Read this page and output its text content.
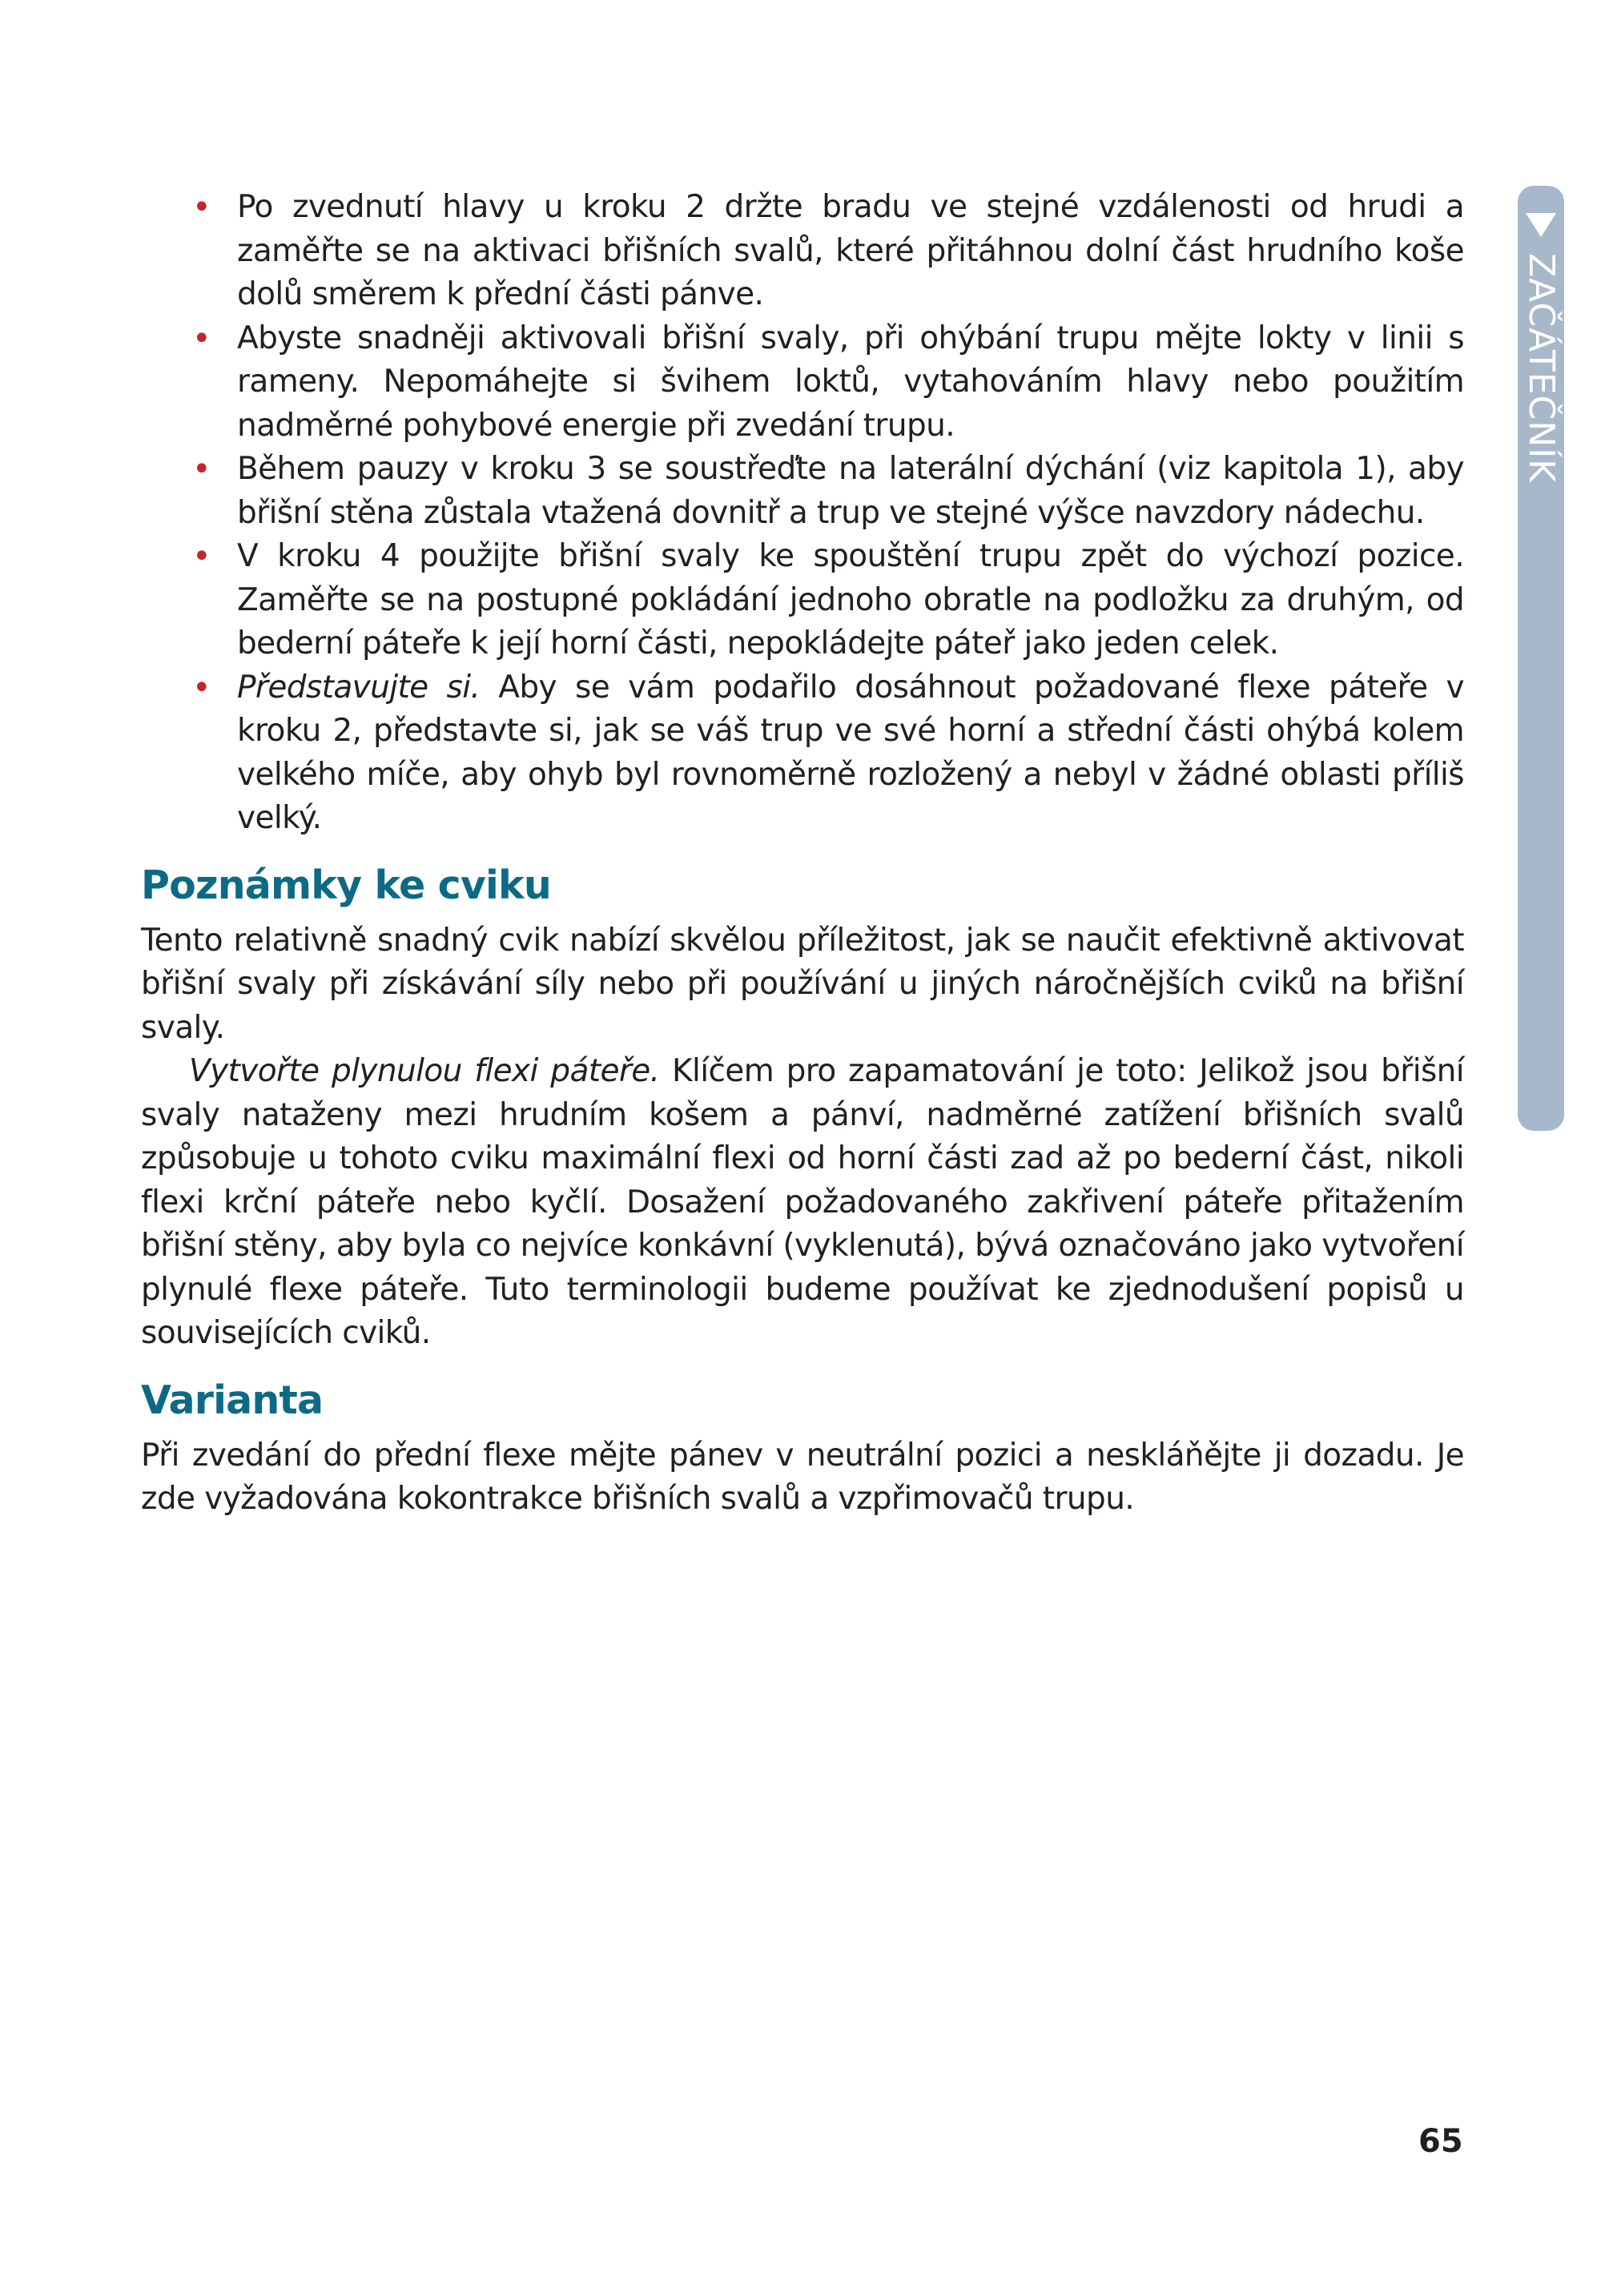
• Po zvednutí hlavy u kroku 2 držte bradu ve stejné vzdálenosti od hrudi a zaměřte se na aktivaci břišních svalů, které přitáhnou dolní část hrudního koše dolů směrem k přední části pánve.
• Abyste snadněji aktivovali břišní svaly, při ohýbání trupu mějte lokty v linii s rameny. Nepomáhejte si švihem loktů, vytahováním hlavy nebo použitím nadměrné pohybové energie při zvedání trupu.
• Během pauzy v kroku 3 se soustřeďte na laterální dýchání (viz kapitola 1), aby břišní stěna zůstala vtažená dovnitř a trup ve stejné výšce navzdory nádechu.
• V kroku 4 použijte břišní svaly ke spouštění trupu zpět do výchozí pozice. Zaměřte se na postupné pokládání jednoho obratle na podložku za druhým, od bederní páteře k její horní části, nepokládejte páteř jako jeden celek.
• Představujte si. Aby se vám podařilo dosáhnout požadované flexe páteře v kroku 2, představte si, jak se váš trup ve své horní a střední části ohýbá kolem velkého míče, aby ohyb byl rovnoměrně rozložený a nebyl v žádné oblasti příliš velký.
Poznámky ke cviku

Tento relativně snadný cvik nabízí skvělou příležitost, jak se naučit efektivně aktivovat břišní svaly při získávání síly nebo při používání u jiných náročnějších cviků na břišní svaly.

Vytvořte plynulou flexi páteře. Klíčem pro zapamatování je toto: Jelikož jsou břišní svaly nataženy mezi hrudním košem a pánví, nadměrné zatížení břišních svalů způsobuje u tohoto cviku maximální flexi od horní části zad až po bederní část, nikoli flexi krční páteře nebo kyčlí. Dosažení požadovaného zakřivení páteře přitažením břišní stěny, aby byla co nejvíce konkávní (vyklenutá), bývá označováno jako vytvoření plynulé flexe páteře. Tuto terminologii budeme používat ke zjednodušení popisů u souvisejících cviků.

Varianta

Při zvedání do přední flexe mějte pánev v neutrální pozici a neskláňějte ji dozadu. Je zde vyžadována kokontrakce břišních svalů a vzpřimovačů trupu.

ZAČÁTEČNÍK
65
